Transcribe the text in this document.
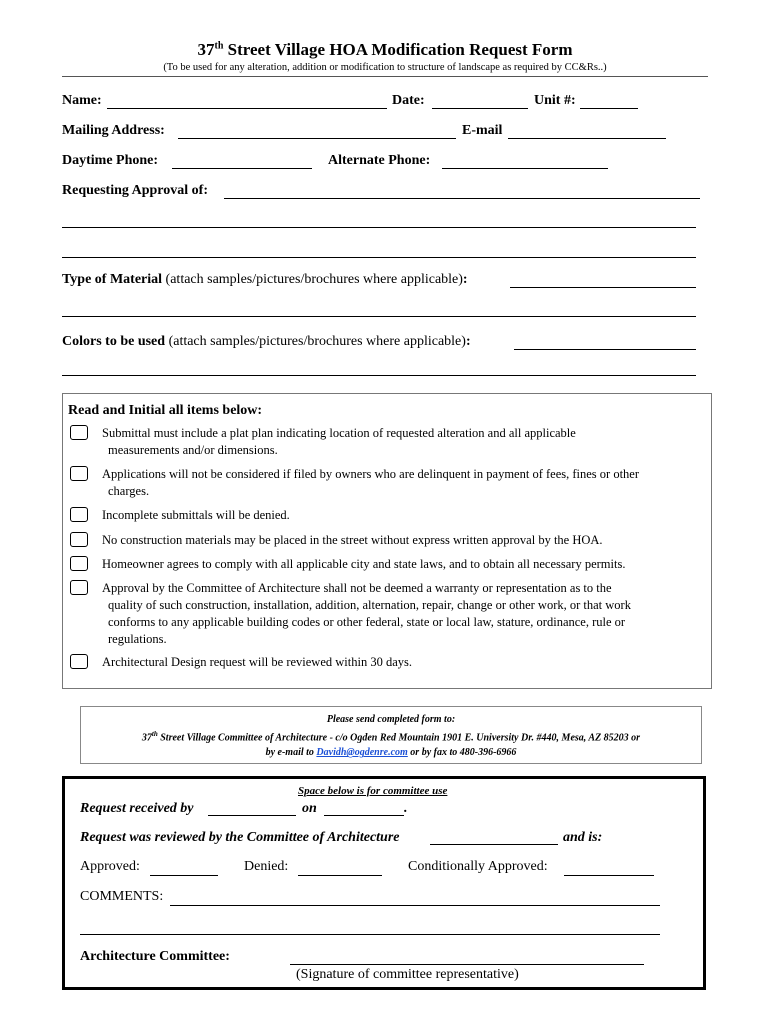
37th Street Village HOA Modification Request Form
(To be used for any alteration, addition or modification to structure of landscape as required by CC&Rs..)
Name:	Date:	Unit #:
Mailing Address:	E-mail
Daytime Phone:	Alternate Phone:
Requesting Approval of:
Type of Material (attach samples/pictures/brochures where applicable):
Colors to be used (attach samples/pictures/brochures where applicable):
Read and Initial all items below:
Submittal must include a plat plan indicating location of requested alteration and all applicable
measurements and/or dimensions.
Applications will not be considered if filed by owners who are delinquent in payment of fees, fines or other
charges.
Incomplete submittals will be denied.
No construction materials may be placed in the street without express written approval by the HOA.
Homeowner agrees to comply with all applicable city and state laws, and to obtain all necessary permits.
Approval by the Committee of Architecture shall not be deemed a warranty or representation as to the
quality of such construction, installation, addition, alternation, repair, change or other work, or that work
conforms to any applicable building codes or other federal, state or local law, stature, ordinance, rule or
regulations.
Architectural Design request will be reviewed within 30 days.
Please send completed form to:
37th Street Village Committee of Architecture - c/o Ogden Red Mountain 1901 E. University Dr. #440, Mesa, AZ 85203 or
by e-mail to Davidh@ogdenre.com or by fax to 480-396-6966
Space below is for committee use
Request received by	on	.
Request was reviewed by the Committee of Architecture	and is:
Approved:	Denied:	Conditionally Approved:
COMMENTS:
Architecture Committee:
(Signature of committee representative)
